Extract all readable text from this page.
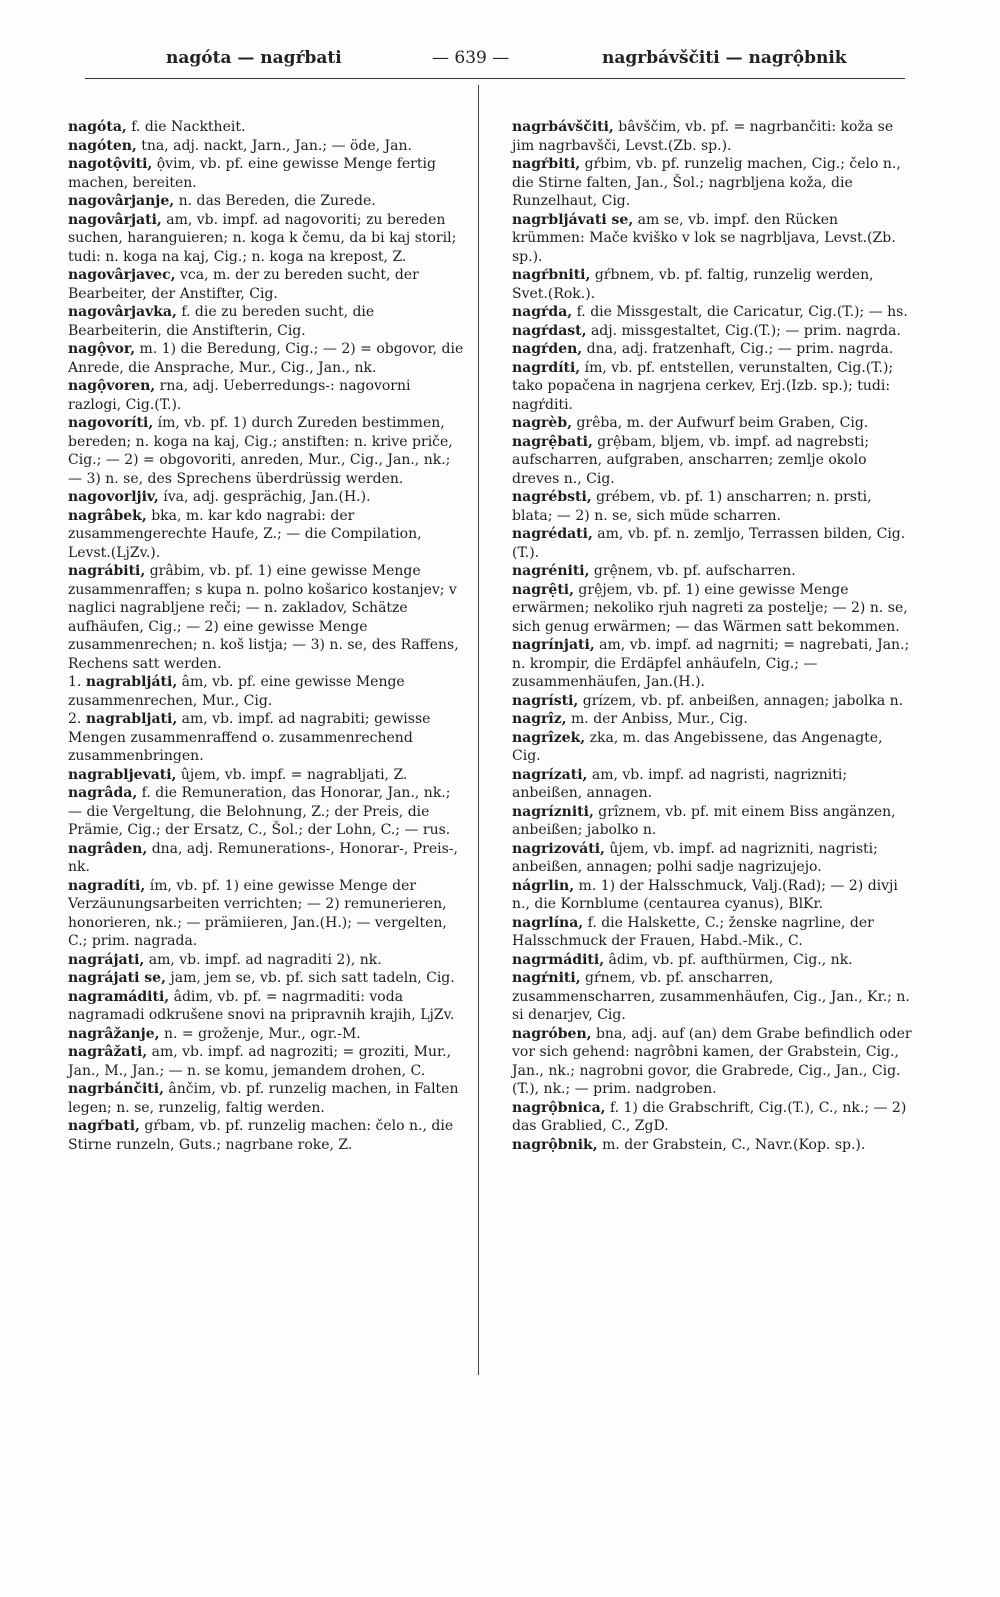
nagóta — nagŕbati	— 639 —	nagrbávščiti — nagrộbnik

nagóta, f. die Nacktheit.

nagóten, tna, adj. nackt, Jarn., Jan.; — öde, Jan.

nagotộviti, ộvim, vb. pf. eine gewisse Menge fertig machen, bereiten.

nagovârjanje, n. das Bereden, die Zurede.

nagovârjati, am, vb. impf. ad nagovoriti; zu bereden suchen, haranguieren; n. koga k čemu, da bi kaj storil; tudi: n. koga na kaj, Cig.; n. koga na krepost, Z.

nagovârjavec, vca, m. der zu bereden sucht, der Bearbeiter, der Anstifter, Cig.

nagovârjavka, f. die zu bereden sucht, die Bearbeiterin, die Anstifterin, Cig.

nagộvor, m. 1) die Beredung, Cig.; — 2) = obgovor, die Anrede, die Ansprache, Mur., Cig., Jan., nk.

nagộvoren, rna, adj. Ueberredungs-: nagovorni razlogi, Cig.(T.).

nagovoríti, ím, vb. pf. 1) durch Zureden bestimmen, bereden; n. koga na kaj, Cig.; anstiften: n. krive priče, Cig.; — 2) = obgovoriti, anreden, Mur., Cig., Jan., nk.; — 3) n. se, des Sprechens überdrüssig werden.

nagovorljiv, íva, adj. gesprächig, Jan.(H.).

nagrâbek, bka, m. kar kdo nagrabi: der zusammengerechte Haufe, Z.; — die Compilation, Levst.(LjZv.).

nagrábiti, grâbim, vb. pf. 1) eine gewisse Menge zusammenraffen; s kupa n. polno košarico kostanjev; v naglici nagrabljene reči; — n. zakladov, Schätze aufhäufen, Cig.; — 2) eine gewisse Menge zusammenrechen; n. koš listja; — 3) n. se, des Raffens, Rechens satt werden.

1. nagrabljáti, âm, vb. pf. eine gewisse Menge zusammenrechen, Mur., Cig.

2. nagrabljati, am, vb. impf. ad nagrabiti; gewisse Mengen zusammenraffend o. zusammenrechend zusammenbringen.

nagrabljevati, ûjem, vb. impf. = nagrabljati, Z.

nagrâda, f. die Remuneration, das Honorar, Jan., nk.; — die Vergeltung, die Belohnung, Z.; der Preis, die Prämie, Cig.; der Ersatz, C., Šol.; der Lohn, C.; — rus.

nagrâden, dna, adj. Remunerations-, Honorar-, Preis-, nk.

nagradíti, ím, vb. pf. 1) eine gewisse Menge der Verzäunungsarbeiten verrichten; — 2) remunerieren, honorieren, nk.; — prämiieren, Jan.(H.); — vergelten, C.; prim. nagrada.

nagrájati, am, vb. impf. ad nagraditi 2), nk.

nagrájati se, jam, jem se, vb. pf. sich satt tadeln, Cig.

nagramáditi, âdim, vb. pf. = nagrmaditi: voda nagramadi odkrušene snovi na pripravnih krajih, LjZv.

nagrâžanje, n. = groženje, Mur., ogr.-M.

nagrâžati, am, vb. impf. ad nagroziti; = groziti, Mur., Jan., M., Jan.; — n. se komu, jemandem drohen, C.

nagrbánčiti, ânčim, vb. pf. runzelig machen, in Falten legen; n. se, runzelig, faltig werden.

nagŕbati, gŕbam, vb. pf. runzelig machen: čelo n., die Stirne runzeln, Guts.; nagrbane roke, Z.

nagrbávščiti, bâvščim, vb. pf. = nagrbančiti: koža se jim nagrbavšči, Levst.(Zb. sp.).

nagŕbiti, gŕbim, vb. pf. runzelig machen, Cig.; čelo n., die Stirne falten, Jan., Šol.; nagrbljena koža, die Runzelhaut, Cig.

nagrbljávati se, am se, vb. impf. den Rücken krümmen: Mače kviško v lok se nagrbljava, Levst.(Zb. sp.).

nagŕbniti, gŕbnem, vb. pf. faltig, runzelig werden, Svet.(Rok.).

nagŕda, f. die Missgestalt, die Caricatur, Cig.(T.); — hs.

nagŕdast, adj. missgestaltet, Cig.(T.); — prim. nagrda.

nagŕden, dna, adj. fratzenhaft, Cig.; — prim. nagrda.

nagrdíti, ím, vb. pf. entstellen, verunstalten, Cig.(T.); tako popačena in nagrjena cerkev, Erj.(Izb. sp.); tudi: nagŕditi.

nagrèb, grêba, m. der Aufwurf beim Graben, Cig.

nagrệbati, grệbam, bljem, vb. impf. ad nagrebsti; aufscharren, aufgraben, anscharren; zemlje okolo dreves n., Cig.

nagrébsti, grébem, vb. pf. 1) anscharren; n. prsti, blata; — 2) n. se, sich müde scharren.

nagrédati, am, vb. pf. n. zemljo, Terrassen bilden, Cig.(T.).

nagréniti, grệnem, vb. pf. aufscharren.

nagrệti, grệjem, vb. pf. 1) eine gewisse Menge erwärmen; nekoliko rjuh nagreti za postelje; — 2) n. se, sich genug erwärmen; — das Wärmen satt bekommen.

nagrínjati, am, vb. impf. ad nagrniti; = nagrebati, Jan.; n. krompir, die Erdäpfel anhäufeln, Cig.; — zusammenhäufen, Jan.(H.).

nagrísti, grízem, vb. pf. anbeißen, annagen; jabolka n.

nagrîz, m. der Anbiss, Mur., Cig.

nagrîzek, zka, m. das Angebissene, das Angenagte, Cig.

nagrízati, am, vb. impf. ad nagristi, nagrizniti; anbeißen, annagen.

nagrízniti, grîznem, vb. pf. mit einem Biss angänzen, anbeißen; jabolko n.

nagrizováti, ûjem, vb. impf. ad nagrizniti, nagristi; anbeißen, annagen; polhi sadje nagrizujejo.

nágrlin, m. 1) der Halsschmuck, Valj.(Rad); — 2) divji n., die Kornblume (centaurea cyanus), BlKr.

nagrlína, f. die Halskette, C.; ženske nagrline, der Halsschmuck der Frauen, Habd.-Mik., C.

nagrmáditi, âdim, vb. pf. aufthürmen, Cig., nk.

nagŕniti, gŕnem, vb. pf. anscharren, zusammenscharren, zusammenhäufen, Cig., Jan., Kr.; n. si denarjev, Cig.

nagróben, bna, adj. auf (an) dem Grabe befindlich oder vor sich gehend: nagrôbni kamen, der Grabstein, Cig., Jan., nk.; nagrobni govor, die Grabrede, Cig., Jan., Cig.(T.), nk.; — prim. nadgroben.

nagrộbnica, f. 1) die Grabschrift, Cig.(T.), C., nk.; — 2) das Grablied, C., ZgD.

nagrộbnik, m. der Grabstein, C., Navr.(Kop. sp.).
